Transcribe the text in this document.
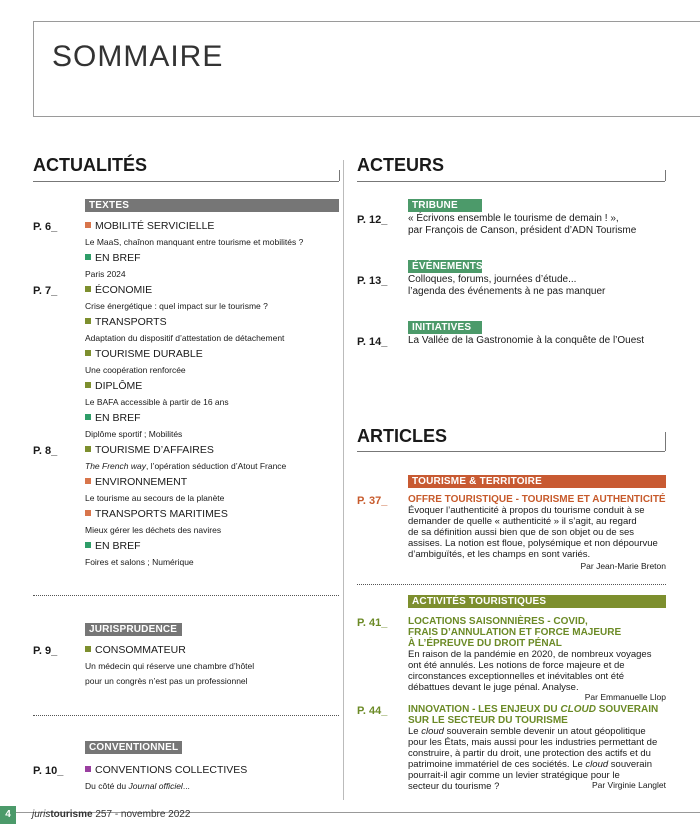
SOMMAIRE
ACTUALITÉS
TEXTES
P. 6_	MOBILITÉ SERVICIELLE
Le MaaS, chaînon manquant entre tourisme et mobilités ?
EN BREF
Paris 2024
P. 7_	ÉCONOMIE
Crise énergétique : quel impact sur le tourisme ?
TRANSPORTS
Adaptation du dispositif d’attestation de détachement
TOURISME DURABLE
Une coopération renforcée
DIPLÔME
Le BAFA accessible à partir de 16 ans
EN BREF
Diplôme sportif ; Mobilités
P. 8_	TOURISME D’AFFAIRES
The French way, l’opération séduction d’Atout France
ENVIRONNEMENT
Le tourisme au secours de la planète
TRANSPORTS MARITIMES
Mieux gérer les déchets des navires
EN BREF
Foires et salons ; Numérique
JURISPRUDENCE
P. 9_	CONSOMMATEUR
Un médecin qui réserve une chambre d’hôtel
pour un congrès n’est pas un professionnel
CONVENTIONNEL
P. 10_	CONVENTIONS COLLECTIVES
Du côté du Journal officiel...
ACTEURS
TRIBUNE
P. 12_ « Écrivons ensemble le tourisme de demain ! »,
par François de Canson, président d’ADN Tourisme
ÉVÉNEMENTS
P. 13_ Colloques, forums, journées d’étude...
l’agenda des événements à ne pas manquer
INITIATIVES
P. 14_ La Vallée de la Gastronomie à la conquête de l’Ouest
ARTICLES
TOURISME & TERRITOIRE
P. 37_ OFFRE TOURISTIQUE - TOURISME ET AUTHENTICITÉ
Évoquer l’authenticité à propos du tourisme conduit à se
demander de quelle « authenticité » il s’agit, au regard
de sa définition aussi bien que de son objet ou de ses
assises. La notion est floue, polysémique et non dépourvue
d’ambiguïtés, et les champs en sont variés.
Par Jean-Marie Breton
ACTIVITÉS TOURISTIQUES
P. 41_ LOCATIONS SAISONNIÈRES - COVID,
FRAIS D’ANNULATION ET FORCE MAJEURE
À L’ÉPREUVE DU DROIT PÉNAL
En raison de la pandémie en 2020, de nombreux voyages
ont été annulés. Les notions de force majeure et de
circonstances exceptionnelles et inévitables ont été
débattues devant le juge pénal. Analyse.
Par Emmanuelle Llop
P. 44_ INNOVATION - LES ENJEUX DU CLOUD SOUVERAIN
SUR LE SECTEUR DU TOURISME
Le cloud souverain semble devenir un atout géopolitique
pour les États, mais aussi pour les industries permettant de
construire, à partir du droit, une protection des actifs et du
patrimoine immatériel de ces sociétés. Le cloud souverain
pourrait-il agir comme un levier stratégique pour le
secteur du tourisme ?	Par Virginie Langlet
4	juristourisme 257 - novembre 2022
